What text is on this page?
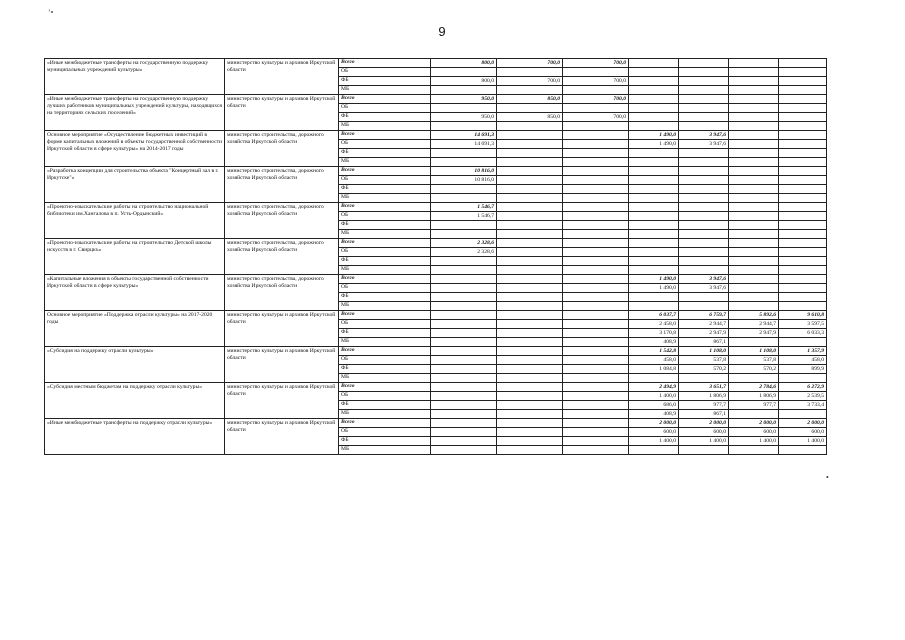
’•
9
«Иные межбюджетные трансферты на государственную поддержку муниципальных учреждений культуры»	министерство культуры и архивов Иркутской области	Всего	800,0	700,0	700,0				
		ОБ							
		ФБ	800,0	700,0	700,0				
		МБ							
«Иные межбюджетные трансферты на государственную поддержку лучших работников муниципальных учреждений культуры, находящихся на территориях сельских поселений»	министерство культуры и архивов Иркутской области	Всего	950,0	850,0	700,0				
		ОБ							
		ФБ	950,0	850,0	700,0				
		МБ							
Основное мероприятие «Осуществление бюджетных инвестиций в форме капитальных вложений в объекты государственной собственности Иркутской области в сфере культуры» на 2014-2017 годы	министерство строительства, дорожного хозяйства Иркутской области	Всего	14 691,3			1 490,0	3 947,6		
		ОБ	14 691,3			1 490,0	3 947,6		
		ФБ							
		МБ							
«Разработка концепции для строительства объекта "Концертный зал в г. Иркутске"»	министерство строительства, дорожного хозяйства Иркутской области	Всего	10 816,0						
		ОБ	10 816,0						
		ФБ							
		МБ							
«Проектно-изыскательские работы на строительство национальной библиотеки им.Хангалова в п. Усть-Ордынский»	министерство строительства, дорожного хозяйства Иркутской области	Всего	1 546,7						
		ОБ	1 546,7						
		ФБ							
		МБ							
«Проектно-изыскательские работы на строительство Детской школы искусств в г. Свирцкъ»	министерство строительства, дорожного хозяйства Иркутской области	Всего	2 328,6						
		ОБ	2 328,6						
		ФБ							
		МБ							
«Капитальные вложения в объекты государственной собственности Иркутской области в сфере культуры»	министерство строительства, дорожного хозяйства Иркутской области	Всего				1 490,0	3 947,6		
		ОБ				1 490,0	3 947,6		
		ФБ							
		МБ							
Основное мероприятие «Поддержка отрасли культуры» на 2017-2020 годы	министерство культуры и архивов Иркутской области	Всего				6 037,7	6 759,7	5 892,6	9 610,8
		ОБ				2 458,0	2 944,7	2 944,7	3 597,5
		ФБ				3 170,8	2 947,9	2 947,9	6 033,3
		МБ				408,9	867,1		
«Субсидия на поддержку отрасли культуры»	министерство культуры и архивов Иркутской области	Всего				1 542,8	1 108,0	1 108,0	1 357,9
		ОБ				458,0	537,8	537,8	458,0
		ФБ				1 084,8	570,2	570,2	899,9
		МБ							
«Субсидия местным бюджетам на поддержку отрасли культуры»	министерство культуры и архивов Иркутской области	Всего				2 494,9	3 651,7	2 784,6	6 272,9
		ОБ				1 400,0	1 806,9	1 806,9	2 539,5
		ФБ				686,0	977,7	977,7	3 733,4
		МБ				408,9	867,1		
«Иные межбюджетные трансферты на поддержку отрасли культуры»	министерство культуры и архивов Иркутской области	Всего				2 000,0	2 000,0	2 000,0	2 000,0
		ОБ				600,0	600,0	600,0	600,0
		ФБ				1 400,0	1 400,0	1 400,0	1 400,0
		МБ							
•
